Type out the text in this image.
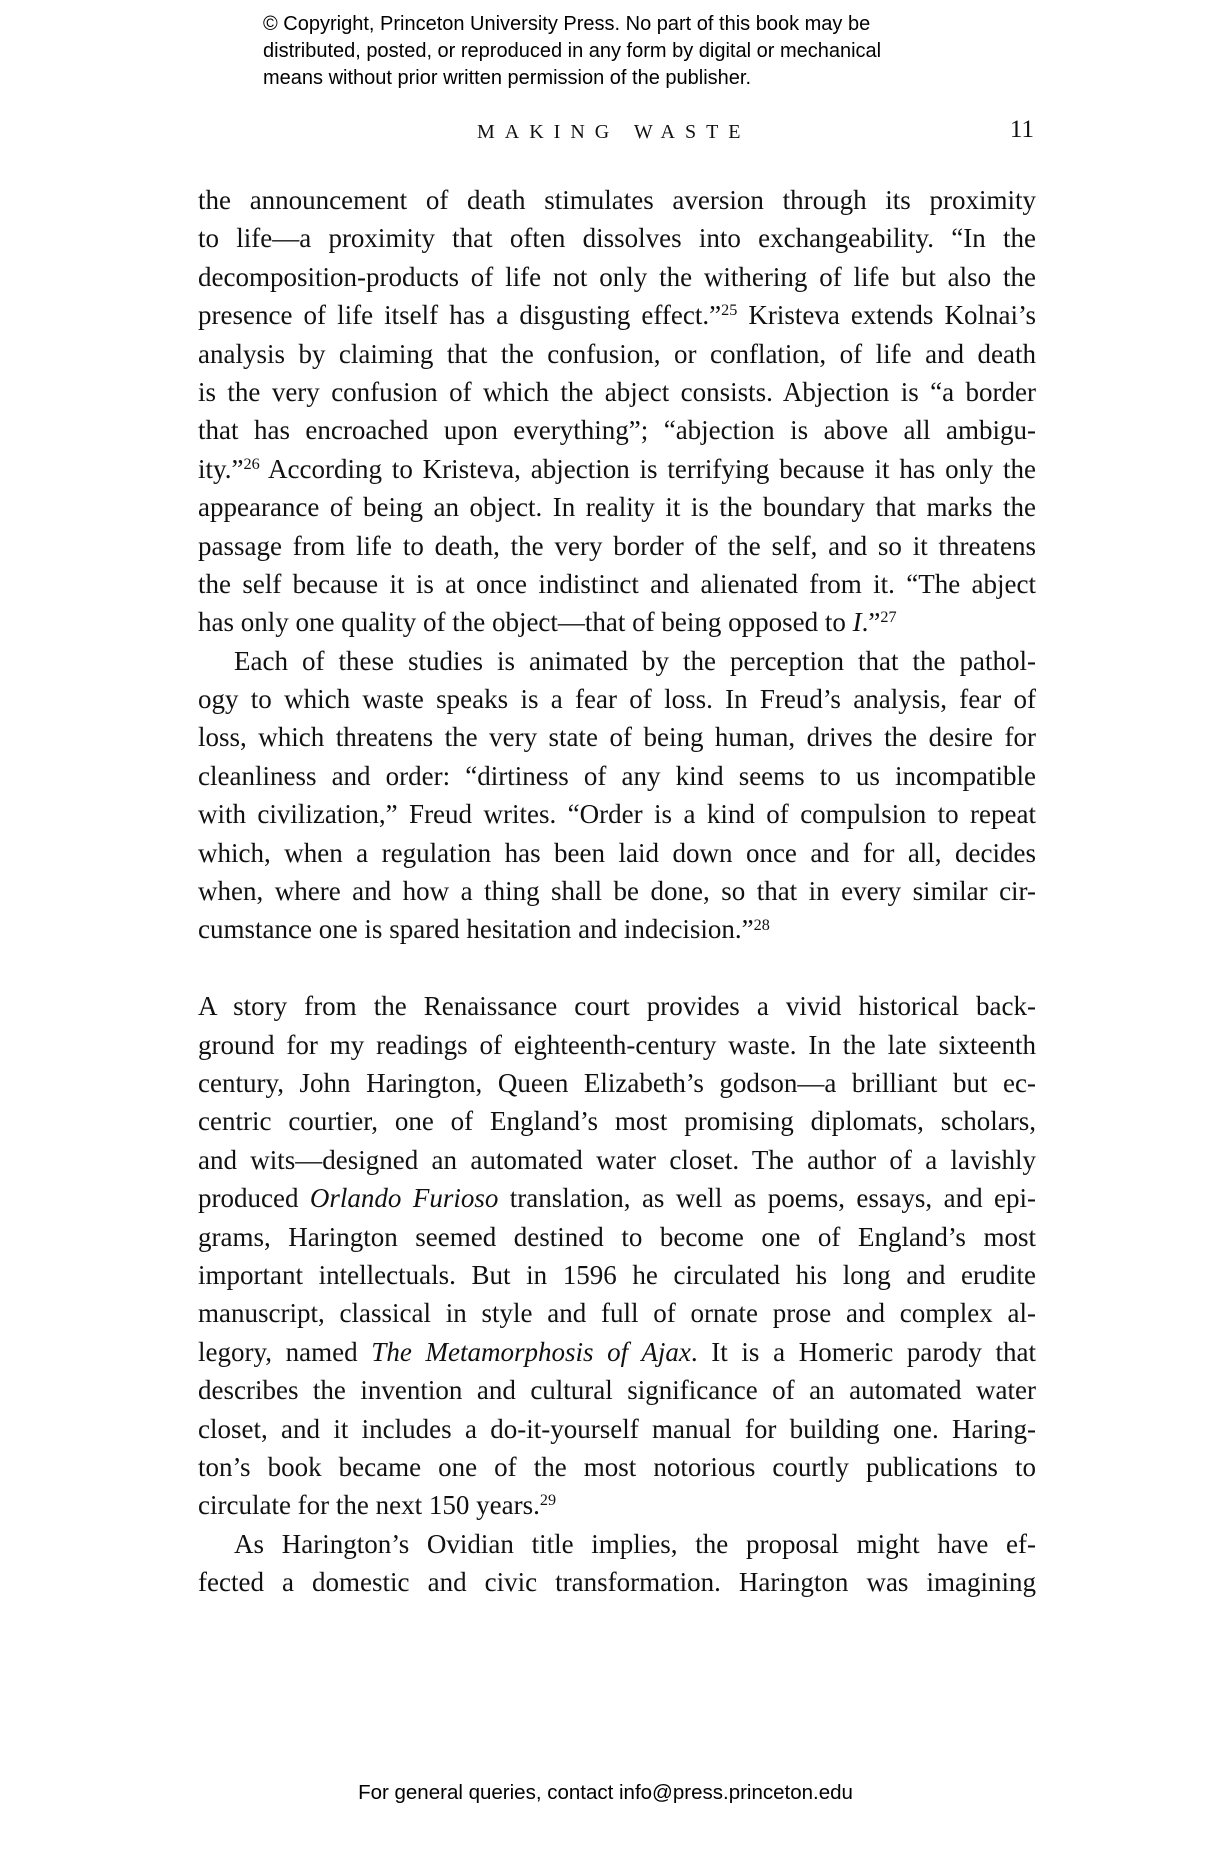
© Copyright, Princeton University Press. No part of this book may be
distributed, posted, or reproduced in any form by digital or mechanical
means without prior written permission of the publisher.
MAKING WASTE	11
the announcement of death stimulates aversion through its proximity
to life—a proximity that often dissolves into exchangeability. “In the
decomposition-products of life not only the withering of life but also the
presence of life itself has a disgusting effect.”$^{25}$ Kristeva extends Kolnai’s
analysis by claiming that the confusion, or conflation, of life and death
is the very confusion of which the abject consists. Abjection is “a border
that has encroached upon everything”; “abjection is above all ambigu-
ity.”$^{26}$ According to Kristeva, abjection is terrifying because it has only the
appearance of being an object. In reality it is the boundary that marks the
passage from life to death, the very border of the self, and so it threatens
the self because it is at once indistinct and alienated from it. “The abject
has only one quality of the object—that of being opposed to I.”$^{27}$
Each of these studies is animated by the perception that the pathol-
ogy to which waste speaks is a fear of loss. In Freud’s analysis, fear of
loss, which threatens the very state of being human, drives the desire for
cleanliness and order: “dirtiness of any kind seems to us incompatible
with civilization,” Freud writes. “Order is a kind of compulsion to repeat
which, when a regulation has been laid down once and for all, decides
when, where and how a thing shall be done, so that in every similar cir-
cumstance one is spared hesitation and indecision.”$^{28}$
A story from the Renaissance court provides a vivid historical back-
ground for my readings of eighteenth-century waste. In the late sixteenth
century, John Harington, Queen Elizabeth’s godson—a brilliant but ec-
centric courtier, one of England’s most promising diplomats, scholars,
and wits—designed an automated water closet. The author of a lavishly
produced Orlando Furioso translation, as well as poems, essays, and epi-
grams, Harington seemed destined to become one of England’s most
important intellectuals. But in 1596 he circulated his long and erudite
manuscript, classical in style and full of ornate prose and complex al-
legory, named The Metamorphosis of Ajax. It is a Homeric parody that
describes the invention and cultural significance of an automated water
closet, and it includes a do-it-yourself manual for building one. Haring-
ton’s book became one of the most notorious courtly publications to
circulate for the next 150 years.$^{29}$
As Harington’s Ovidian title implies, the proposal might have ef-
fected a domestic and civic transformation. Harington was imagining
For general queries, contact info@press.princeton.edu
